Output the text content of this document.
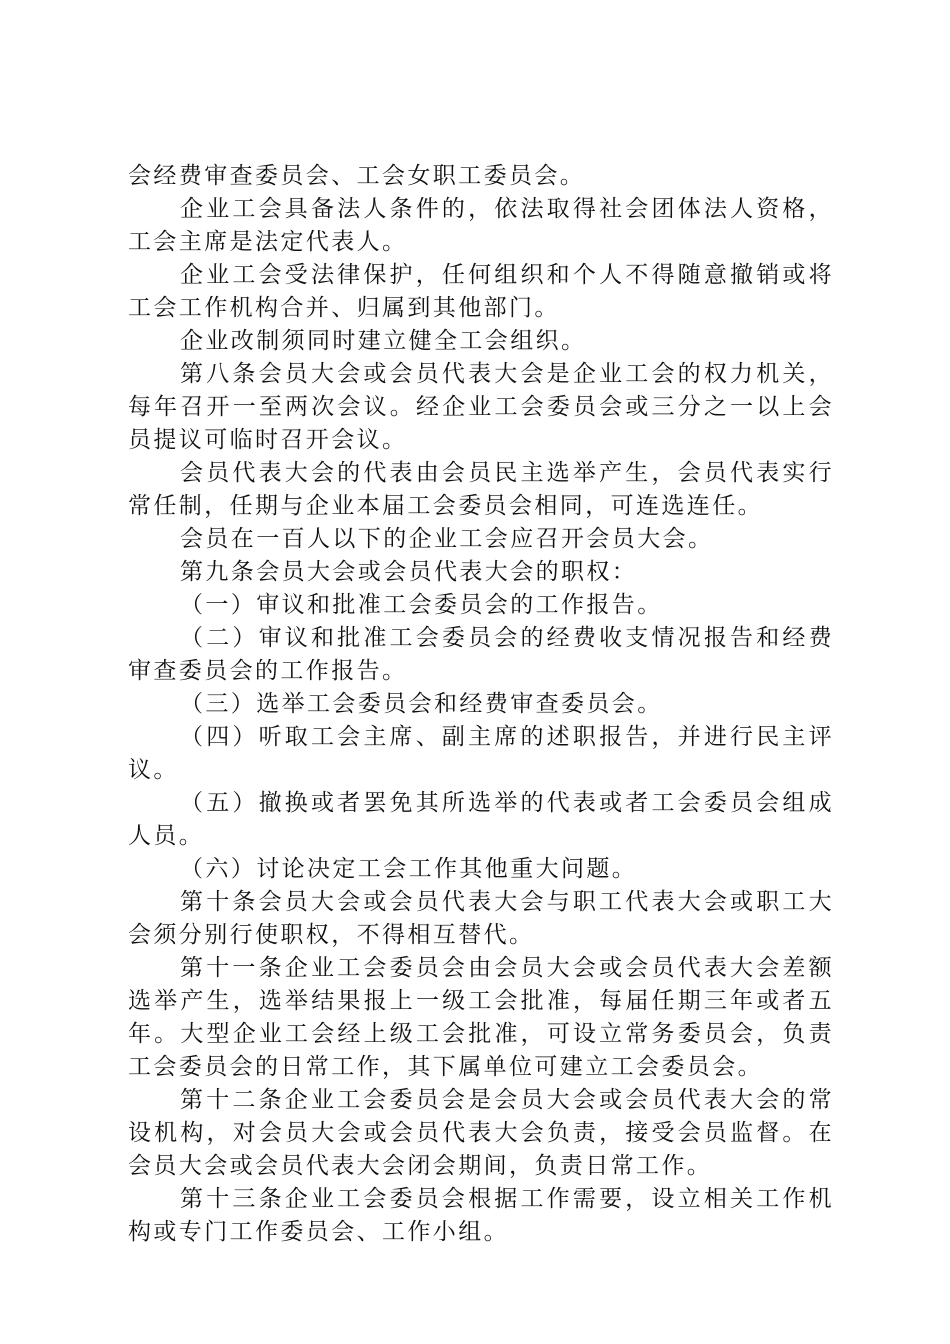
会经费审查委员会、工会女职工委员会。

企业工会具备法人条件的，依法取得社会团体法人资格，工会主席是法定代表人。

企业工会受法律保护，任何组织和个人不得随意撤销或将工会工作机构合并、归属到其他部门。

企业改制须同时建立健全工会组织。

第八条会员大会或会员代表大会是企业工会的权力机关，每年召开一至两次会议。经企业工会委员会或三分之一以上会员提议可临时召开会议。

会员代表大会的代表由会员民主选举产生，会员代表实行常任制，任期与企业本届工会委员会相同，可连选连任。

会员在一百人以下的企业工会应召开会员大会。

第九条会员大会或会员代表大会的职权：

（一）审议和批准工会委员会的工作报告。

（二）审议和批准工会委员会的经费收支情况报告和经费审查委员会的工作报告。

（三）选举工会委员会和经费审查委员会。

（四）听取工会主席、副主席的述职报告，并进行民主评议。

（五）撤换或者罢免其所选举的代表或者工会委员会组成人员。

（六）讨论决定工会工作其他重大问题。

第十条会员大会或会员代表大会与职工代表大会或职工大会须分别行使职权，不得相互替代。

第十一条企业工会委员会由会员大会或会员代表大会差额选举产生，选举结果报上一级工会批准，每届任期三年或者五年。大型企业工会经上级工会批准，可设立常务委员会，负责工会委员会的日常工作，其下属单位可建立工会委员会。

第十二条企业工会委员会是会员大会或会员代表大会的常设机构，对会员大会或会员代表大会负责，接受会员监督。在会员大会或会员代表大会闭会期间，负责日常工作。

第十三条企业工会委员会根据工作需要，设立相关工作机构或专门工作委员会、工作小组。
